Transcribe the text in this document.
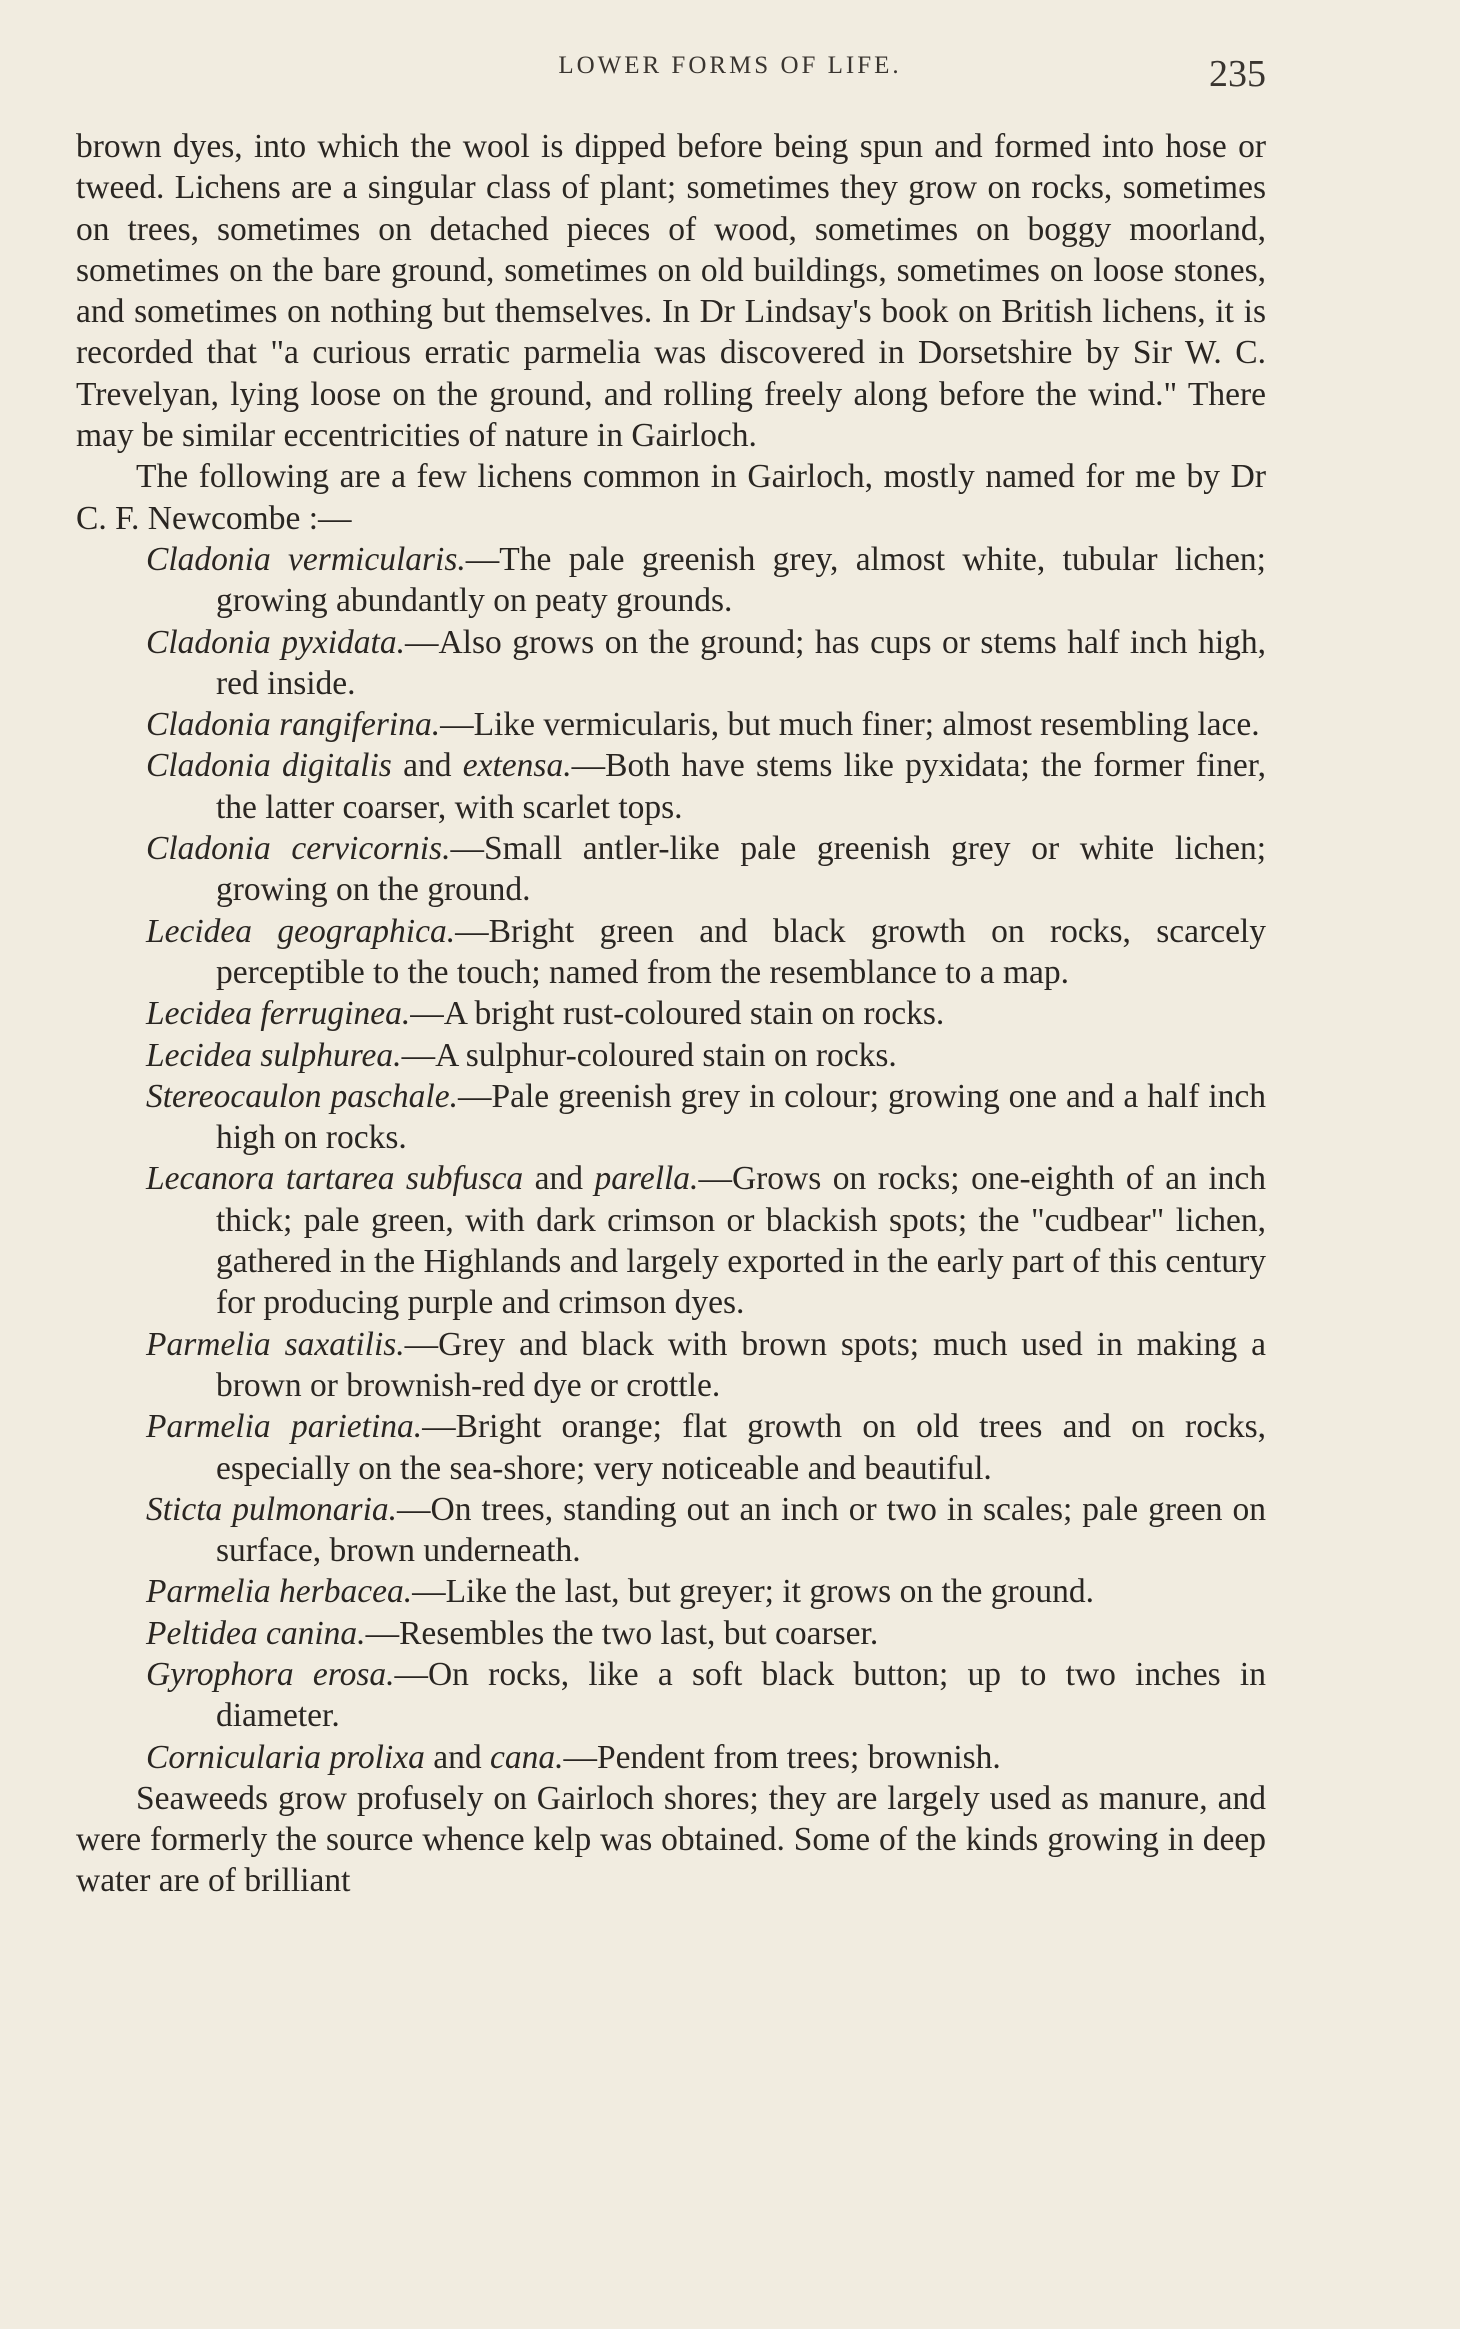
LOWER FORMS OF LIFE.	235

brown dyes, into which the wool is dipped before being spun and formed into hose or tweed. Lichens are a singular class of plant; sometimes they grow on rocks, sometimes on trees, sometimes on detached pieces of wood, sometimes on boggy moorland, sometimes on the bare ground, sometimes on old buildings, sometimes on loose stones, and sometimes on nothing but themselves. In Dr Lindsay's book on British lichens, it is recorded that "a curious erratic parmelia was discovered in Dorsetshire by Sir W. C. Trevelyan, lying loose on the ground, and rolling freely along before the wind." There may be similar eccentricities of nature in Gairloch.

The following are a few lichens common in Gairloch, mostly named for me by Dr C. F. Newcombe :—

Cladonia vermicularis.—The pale greenish grey, almost white, tubular lichen; growing abundantly on peaty grounds.
Cladonia pyxidata.—Also grows on the ground; has cups or stems half inch high, red inside.
Cladonia rangiferina.—Like vermicularis, but much finer; almost resembling lace.
Cladonia digitalis and extensa.—Both have stems like pyxidata; the former finer, the latter coarser, with scarlet tops.
Cladonia cervicornis.—Small antler-like pale greenish grey or white lichen; growing on the ground.
Lecidea geographica.—Bright green and black growth on rocks, scarcely perceptible to the touch; named from the resemblance to a map.
Lecidea ferruginea.—A bright rust-coloured stain on rocks.
Lecidea sulphurea.—A sulphur-coloured stain on rocks.
Stereocaulon paschale.—Pale greenish grey in colour; growing one and a half inch high on rocks.
Lecanora tartarea subfusca and parella.—Grows on rocks; one-eighth of an inch thick; pale green, with dark crimson or blackish spots; the "cudbear" lichen, gathered in the Highlands and largely exported in the early part of this century for producing purple and crimson dyes.
Parmelia saxatilis.—Grey and black with brown spots; much used in making a brown or brownish-red dye or crottle.
Parmelia parietina.—Bright orange; flat growth on old trees and on rocks, especially on the sea-shore; very noticeable and beautiful.
Sticta pulmonaria.—On trees, standing out an inch or two in scales; pale green on surface, brown underneath.
Parmelia herbacea.—Like the last, but greyer; it grows on the ground.
Peltidea canina.—Resembles the two last, but coarser.
Gyrophora erosa.—On rocks, like a soft black button; up to two inches in diameter.
Cornicularia prolixa and cana.—Pendent from trees; brownish.

Seaweeds grow profusely on Gairloch shores; they are largely used as manure, and were formerly the source whence kelp was obtained. Some of the kinds growing in deep water are of brilliant
